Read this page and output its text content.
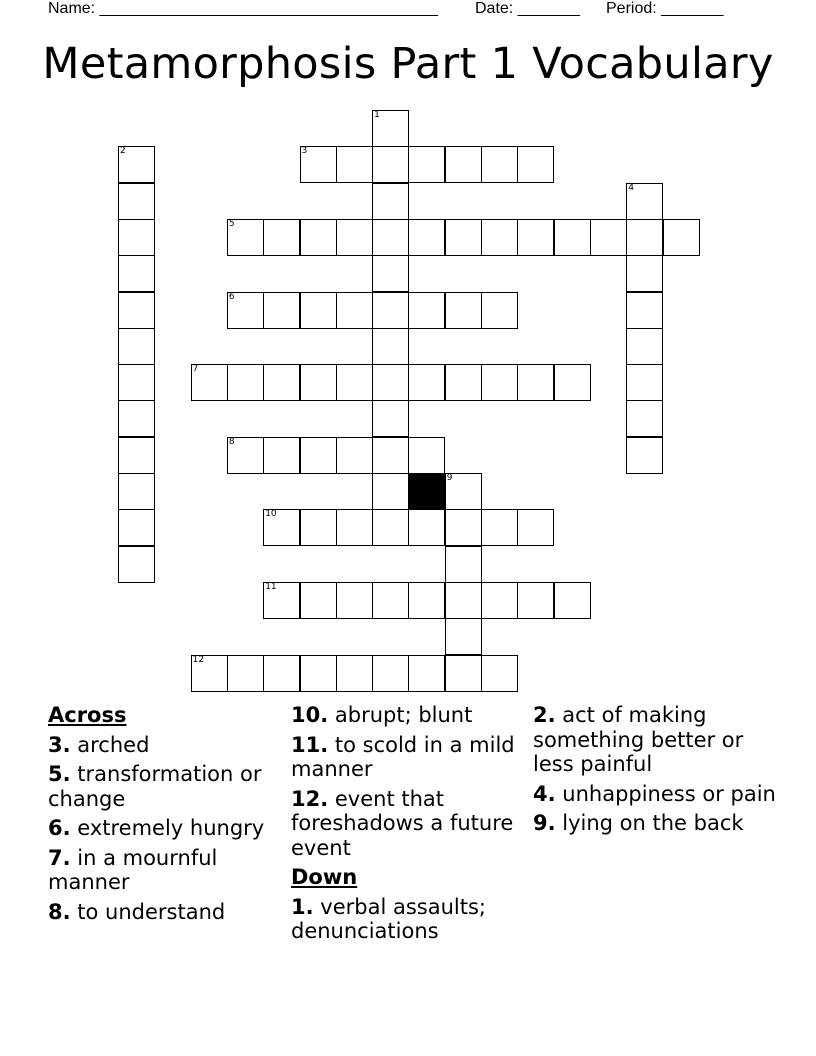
Name: ______________________________________ Date: _______ Period: _______
Metamorphosis Part 1 Vocabulary
1
2	3
4
5
6
7
8
9
10
11
12
Across
3. arched
5. transformation or change
6. extremely hungry
7. in a mournful manner
8. to understand
10. abrupt; blunt
11. to scold in a mild manner
12. event that foreshadows a future event
Down
1. verbal assaults; denunciations
2. act of making something better or less painful
4. unhappiness or pain
9. lying on the back
